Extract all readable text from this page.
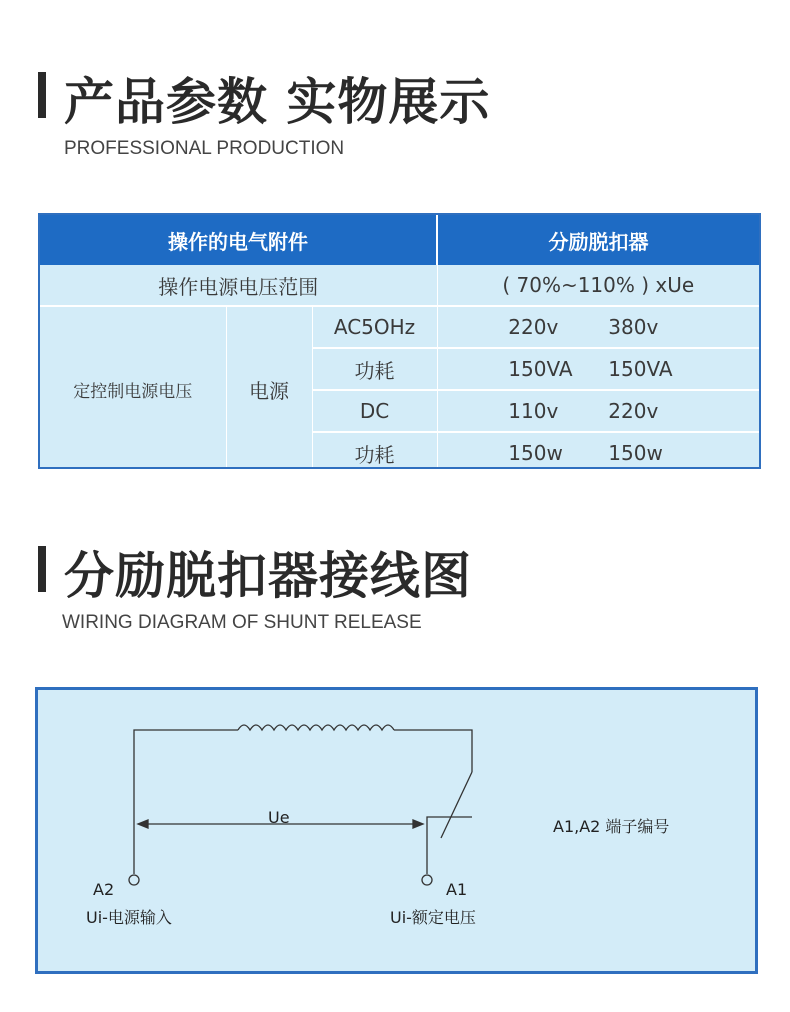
产品参数 实物展示
PROFESSIONAL PRODUCTION
操作的电气附件			分励脱扣器
操作电源电压范围			( 70%~110% ) xUe
定控制电源电压	电源	AC5OHz	220v 380v
		功耗	150VA 150VA
		DC	110v 220v
		功耗	150w 150w
分励脱扣器接线图
WIRING DIAGRAM OF SHUNT RELEASE
Ue
A2	A1
Ui-电源输入	Ui-额定电压
A1,A2 端子编号
